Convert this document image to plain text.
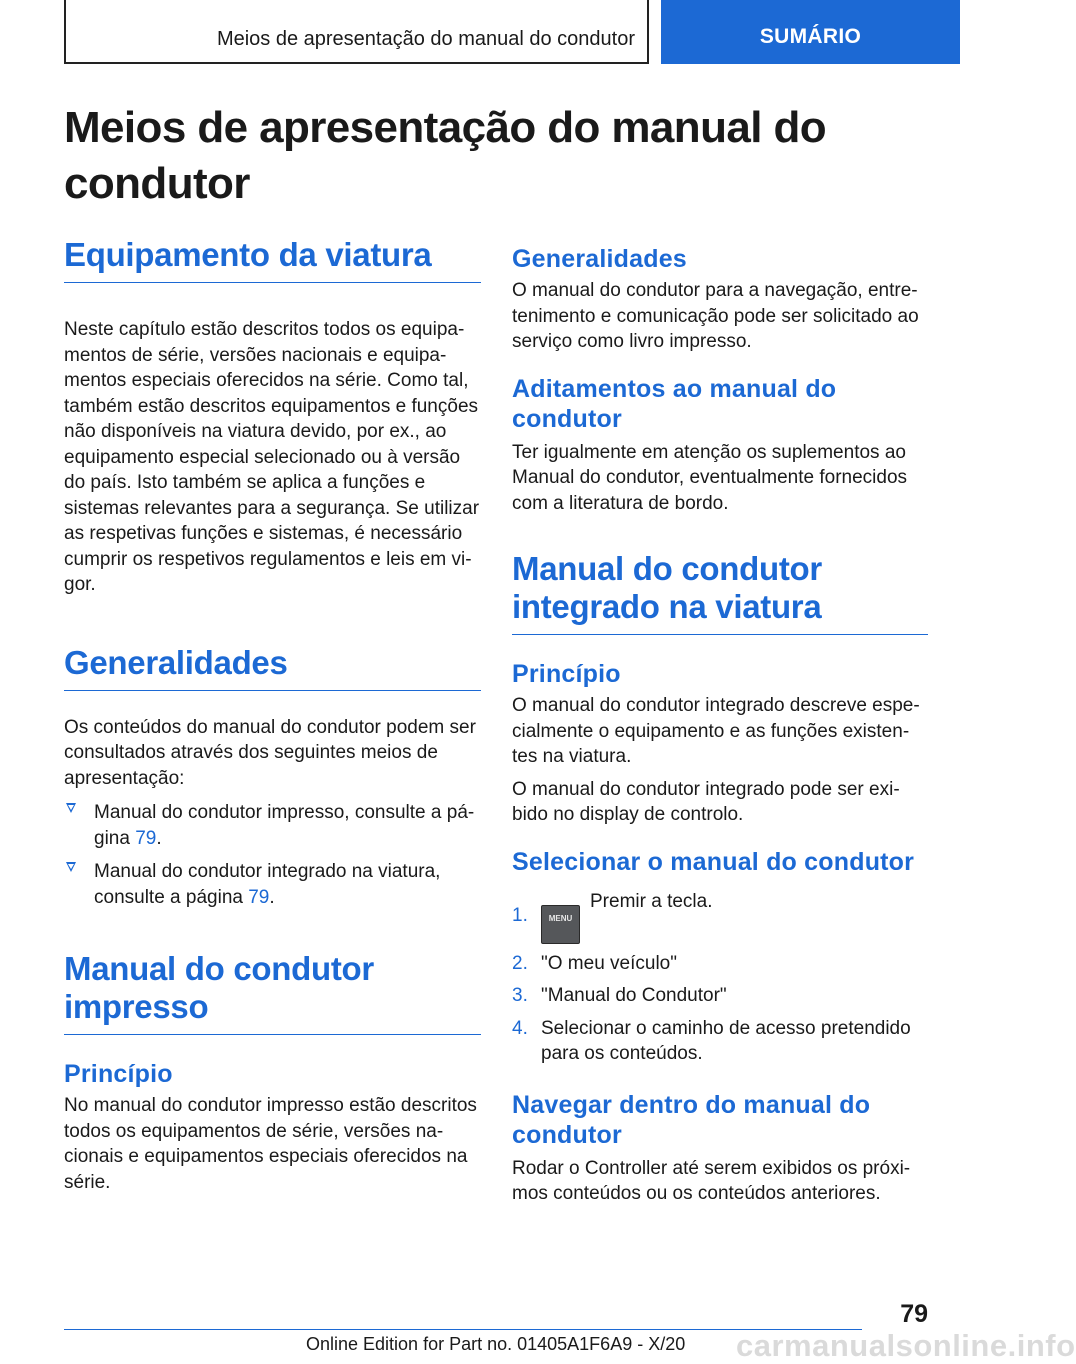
Meios de apresentação do manual do condutor	SUMÁRIO
Meios de apresentação do manual do condutor
Equipamento da viatura

Neste capítulo estão descritos todos os equipamentos de série, versões nacionais e equipamentos especiais oferecidos na série. Como tal, também estão descritos equipamentos e funções não disponíveis na viatura devido, por ex., ao equipamento especial selecionado ou à versão do país. Isto também se aplica a funções e sistemas relevantes para a segurança. Se utilizar as respetivas funções e sistemas, é necessário cumprir os respetivos regulamentos e leis em vigor.

Generalidades

Os conteúdos do manual do condutor podem ser consultados através dos seguintes meios de apresentação:

Manual do condutor impresso, consulte a página 79.
Manual do condutor integrado na viatura, consulte a página 79.
Manual do condutor impresso
Princípio

No manual do condutor impresso estão descritos todos os equipamentos de série, versões nacionais e equipamentos especiais oferecidos na série.

Generalidades

O manual do condutor para a navegação, entretenimento e comunicação pode ser solicitado ao serviço como livro impresso.

Aditamentos ao manual do condutor

Ter igualmente em atenção os suplementos ao Manual do condutor, eventualmente fornecidos com a literatura de bordo.

Manual do condutor integrado na viatura
Princípio

O manual do condutor integrado descreve especialmente o equipamento e as funções existentes na viatura.

O manual do condutor integrado pode ser exibido no display de controlo.

Selecionar o manual do condutor
1.	MENUPremir a tecla.
2. "O meu veículo"
3. "Manual do Condutor"
4. Selecionar o caminho de acesso pretendido para os conteúdos.
Navegar dentro do manual do condutor

Rodar o Controller até serem exibidos os próximos conteúdos ou os conteúdos anteriores.

79
Online Edition for Part no. 01405A1F6A9 - X/20 carmanualsonline.info
